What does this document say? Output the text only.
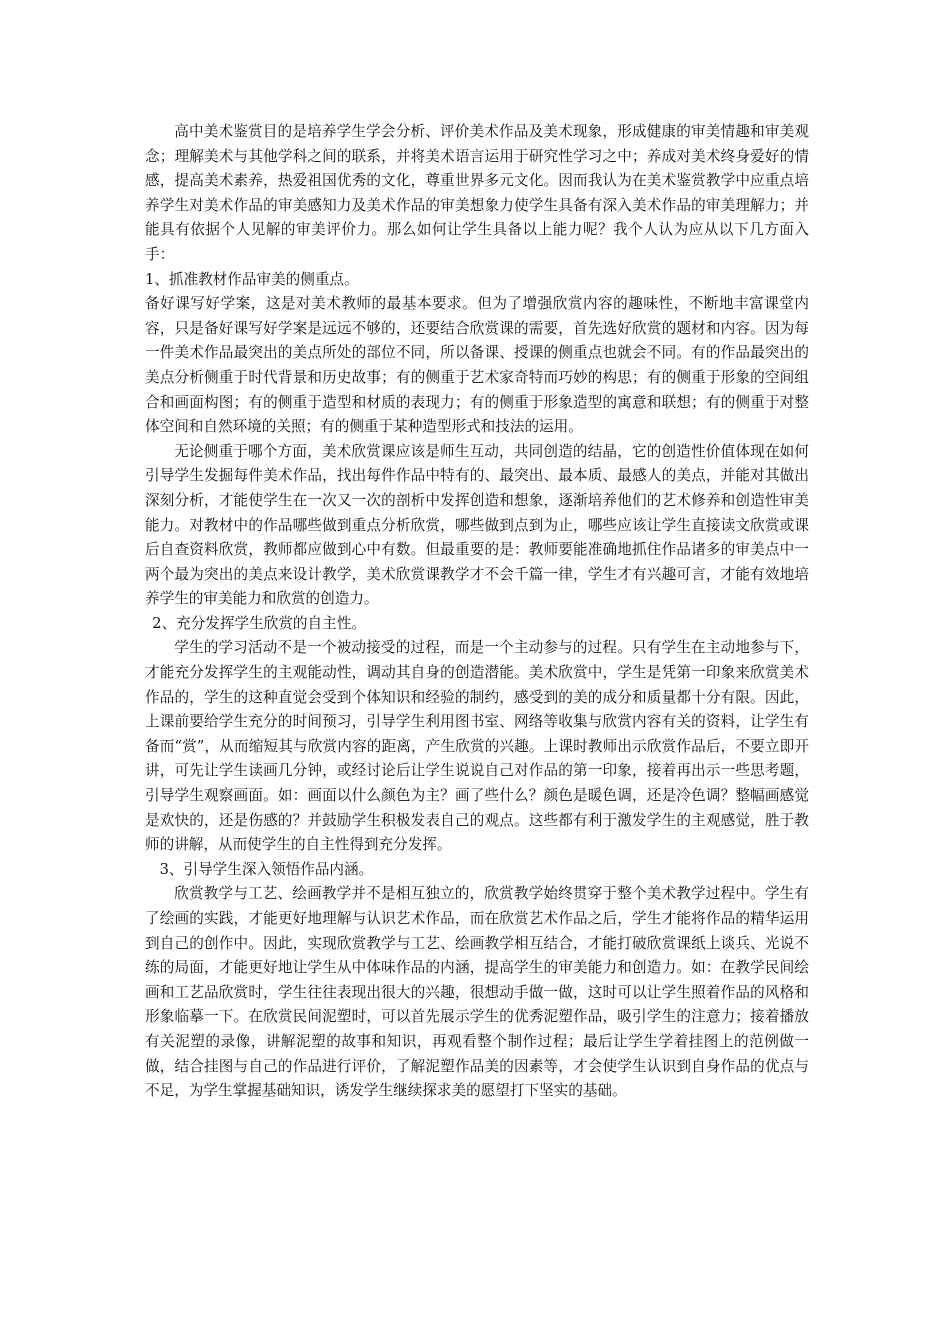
高中美术鉴赏目的是培养学生学会分析、评价美术作品及美术现象，形成健康的审美情趣和审美观念；理解美术与其他学科之间的联系，并将美术语言运用于研究性学习之中；养成对美术终身爱好的情感，提高美术素养，热爱祖国优秀的文化，尊重世界多元文化。因而我认为在美术鉴赏教学中应重点培养学生对美术作品的审美感知力及美术作品的审美想象力使学生具备有深入美术作品的审美理解力；并能具有依据个人见解的审美评价力。那么如何让学生具备以上能力呢？我个人认为应从以下几方面入手：

1、抓准教材作品审美的侧重点。

备好课写好学案，这是对美术教师的最基本要求。但为了增强欣赏内容的趣味性，不断地丰富课堂内容，只是备好课写好学案是远远不够的，还要结合欣赏课的需要，首先选好欣赏的题材和内容。因为每一件美术作品最突出的美点所处的部位不同，所以备课、授课的侧重点也就会不同。有的作品最突出的美点分析侧重于时代背景和历史故事；有的侧重于艺术家奇特而巧妙的构思；有的侧重于形象的空间组合和画面构图；有的侧重于造型和材质的表现力；有的侧重于形象造型的寓意和联想；有的侧重于对整体空间和自然环境的关照；有的侧重于某种造型形式和技法的运用。

无论侧重于哪个方面，美术欣赏课应该是师生互动，共同创造的结晶，它的创造性价值体现在如何引导学生发掘每件美术作品，找出每件作品中特有的、最突出、最本质、最感人的美点，并能对其做出深刻分析，才能使学生在一次又一次的剖析中发挥创造和想象，逐渐培养他们的艺术修养和创造性审美能力。对教材中的作品哪些做到重点分析欣赏，哪些做到点到为止，哪些应该让学生直接读文欣赏或课后自查资料欣赏，教师都应做到心中有数。但最重要的是：教师要能准确地抓住作品诸多的审美点中一两个最为突出的美点来设计教学，美术欣赏课教学才不会千篇一律，学生才有兴趣可言，才能有效地培养学生的审美能力和欣赏的创造力。

2、充分发挥学生欣赏的自主性。

学生的学习活动不是一个被动接受的过程，而是一个主动参与的过程。只有学生在主动地参与下，才能充分发挥学生的主观能动性，调动其自身的创造潜能。美术欣赏中，学生是凭第一印象来欣赏美术作品的，学生的这种直觉会受到个体知识和经验的制约，感受到的美的成分和质量都十分有限。因此，上课前要给学生充分的时间预习，引导学生利用图书室、网络等收集与欣赏内容有关的资料，让学生有备而“赏”，从而缩短其与欣赏内容的距离，产生欣赏的兴趣。上课时教师出示欣赏作品后，不要立即开讲，可先让学生读画几分钟，或经讨论后让学生说说自己对作品的第一印象，接着再出示一些思考题，引导学生观察画面。如：画面以什么颜色为主？画了些什么？颜色是暖色调，还是冷色调？整幅画感觉是欢快的，还是伤感的？并鼓励学生积极发表自己的观点。这些都有利于激发学生的主观感觉，胜于教师的讲解，从而使学生的自主性得到充分发挥。

3、引导学生深入领悟作品内涵。

欣赏教学与工艺、绘画教学并不是相互独立的，欣赏教学始终贯穿于整个美术教学过程中。学生有了绘画的实践，才能更好地理解与认识艺术作品，而在欣赏艺术作品之后，学生才能将作品的精华运用到自己的创作中。因此，实现欣赏教学与工艺、绘画教学相互结合，才能打破欣赏课纸上谈兵、光说不练的局面，才能更好地让学生从中体味作品的内涵，提高学生的审美能力和创造力。如：在教学民间绘画和工艺品欣赏时，学生往往表现出很大的兴趣，很想动手做一做，这时可以让学生照着作品的风格和形象临摹一下。在欣赏民间泥塑时，可以首先展示学生的优秀泥塑作品，吸引学生的注意力；接着播放有关泥塑的录像，讲解泥塑的故事和知识，再观看整个制作过程；最后让学生学着挂图上的范例做一做，结合挂图与自己的作品进行评价，了解泥塑作品美的因素等，才会使学生认识到自身作品的优点与不足，为学生掌握基础知识，诱发学生继续探求美的愿望打下坚实的基础。
